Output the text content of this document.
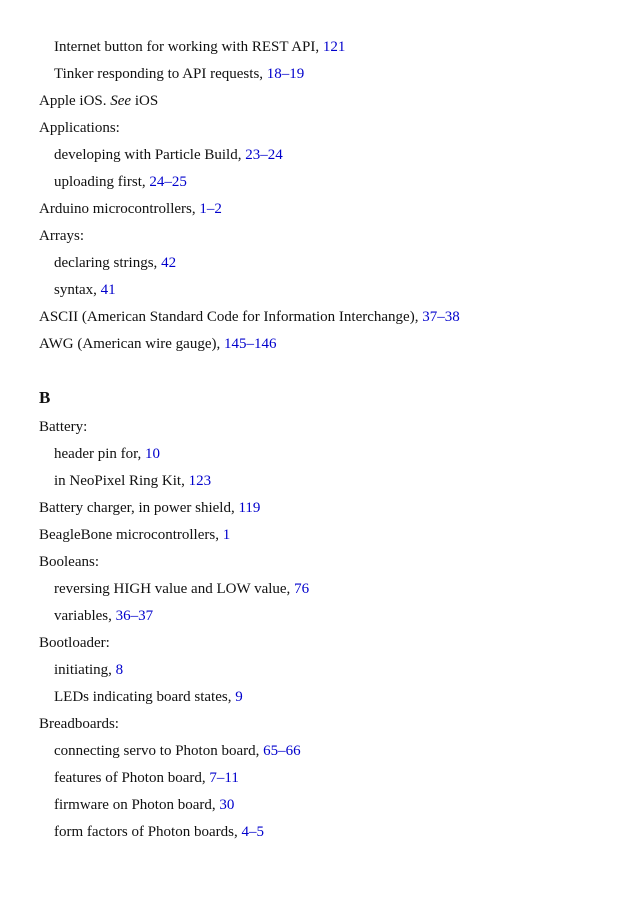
Internet button for working with REST API, 121
Tinker responding to API requests, 18–19
Apple iOS. See iOS
Applications:
developing with Particle Build, 23–24
uploading first, 24–25
Arduino microcontrollers, 1–2
Arrays:
declaring strings, 42
syntax, 41
ASCII (American Standard Code for Information Interchange), 37–38
AWG (American wire gauge), 145–146
B
Battery:
header pin for, 10
in NeoPixel Ring Kit, 123
Battery charger, in power shield, 119
BeagleBone microcontrollers, 1
Booleans:
reversing HIGH value and LOW value, 76
variables, 36–37
Bootloader:
initiating, 8
LEDs indicating board states, 9
Breadboards:
connecting servo to Photon board, 65–66
features of Photon board, 7–11
firmware on Photon board, 30
form factors of Photon boards, 4–5
